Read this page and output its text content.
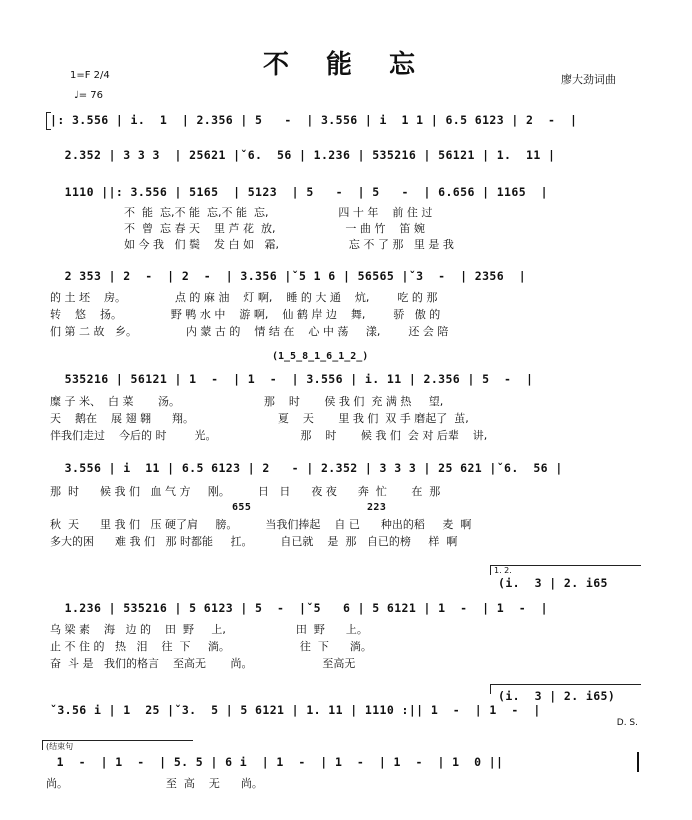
不 能 忘
1=F 2/4
♩= 76
廖大劲词曲
|: 3.556 | i.  1  | 2.356 | 5   -  | 3.556 | i  1 1 | 6.5 6123 | 2  -  |
2.352 | 3 3 3  | 25621 |ˇ6.  56 | 1.236 | 535216 | 56121 | 1.  11 |
1110 ||: 3.556 | 5165  | 5123  | 5   -  | 5   -  | 6.656 | 1165  |
不  能  忘,不 能  忘,不 能  忘,                    四 十 年    前 住 过
不  曾  忘 春 天    里 芦 花  放,                    一 曲 竹    笛 婉
如 今 我   们 鬓    发 白 如   霜,                    忘 不 了 那   里 是 我
2 353 | 2  -  | 2  -  | 3.356 |ˇ5 1 6 | 56565 |ˇ3  -  | 2356  |
的 土 坯    房。              点 的 麻 油    灯 啊,    睡 的 大 通    炕,        吃 的 那
转    悠    扬。              野 鸭 水 中    游 啊,    仙 鹤 岸 边    舞,        骄   傲 的
们 第 二 故   乡。              内 蒙 古 的    情 结 在    心 中 荡     漾,        还 会 陪
(1̲5̲8̲1̲6̲1̲2̲)
535216 | 56121 | 1  -  | 1  -  | 3.556 | i. 11 | 2.356 | 5  -  |
糜 子 米、  白 菜       汤。                        那    时       侯 我 们  充 满 热     望,
天    鹅在    展 翅 翱      翔。                        夏    天       里 我 们  双 手 磨起了  茧,
伴我们走过    今后的 时        光。                        那    时       候 我 们  会 对 后辈    讲,
3.556 | i  11 | 6.5 6123 | 2   - | 2.352 | 3 3 3 | 25 621 |ˇ6.  56 |
那  时      候 我 们   血 气 方     刚。        日   日      夜 夜      奔  忙       在  那
655	223
秋  天      里 我 们   压 硬了肩     膀。        当我们捧起    自 已      种出的稻     麦  啊
多大的困      难 我 们   那 时都能     扛。        自已就    是  那   自已的榜     样  啊
1. 2.
(i.  3 | 2. i65
1.236 | 535216 | 5 6123 | 5  -  |ˇ5   6 | 5 6121 | 1  -  | 1  -  |
乌 梁 素    海   边 的    田  野     上,                    田  野      上。
止 不 住 的   热   泪    往  下     淌。                    往  下      淌。
奋  斗 是   我们的格言    至高无       尚。                    至高无
(i.  3 | 2. i65)
ˇ3.56 i | 1  25 |ˇ3.  5 | 5 6121 | 1. 11 | 1110 :|| 1  -  | 1  -  |
D. S.
(结束句
1  -  | 1  -  | 5. 5 | 6 i  | 1  -  | 1  -  | 1  -  | 1  0 ||
尚。                            至  高    无      尚。
